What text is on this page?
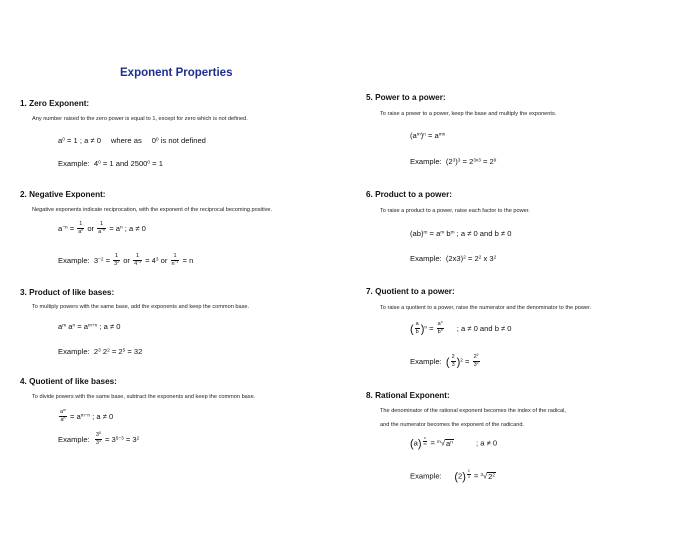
Exponent Properties
1. Zero Exponent:
Any number raised to the zero power is equal to 1, except for zero which is not defined.
$a^0 = 1$ ; a ≠ 0 where as $0^0$ is not defined
Example:  $4^0 = 1$ and $2500^0 = 1$
2. Negative Exponent:
Negative exponents indicate reciprocation, with the exponent of the reciprocal becoming positive.
$a^{-n} = \frac{1}{a^n}$ or $\frac{1}{a^{-n}} = a^n$ ; a ≠ 0
Example:  $3^{-2} = \frac{1}{3^2}$ or $\frac{1}{4^{-3}} = 4^3$ or $\frac{1}{n^{-1}} = n$
3. Product of like bases:
To multiply powers with the same base, add the exponents and keep the common base.
$a^m$ $a^n = a^{m+n}$ ; a ≠ 0
Example:  $2^3$ $2^2 = 2^5 = 32$
4. Quotient of like bases:
To divide powers with the same base, subtract the exponents and keep the common base.
$\frac{a^m}{a^n} = a^{m-n}$ ; a ≠ 0
Example: $\frac{3^5}{3^3} = 3^{5-3} = 3^2$
5. Power to a power:
To raise a power to a power, keep the base and multiply the exponents.
$(a^m)^n = a^{mn}$
Example:  $(2^3)^3 = 2^{3x3} = 2^9$
6. Product to a power:
To raise a product to a power, raise each factor to the power.
$(ab)^m = a^m$ $b^m$ ; a ≠ 0 and b ≠ 0
Example:  $(2x3)^2 = 2^2$ x $3^2$
7. Quotient to a power:
To raise a quotient to a power, raise the numerator and the denominator to the power.
( $\frac{a}{b} )^n = \frac{a^n}{b^n}$ ; a ≠ 0 and b ≠ 0
Example: ( $\frac{2}{3} )^2 = \frac{2^2}{3^2}$
8. Rational Exponent:
The denominator of the rational exponent becomes the index of the radical,
and the numerator becomes the exponent of the radicand.
(a) $^{\frac{n}{m}} = ^m√a^n$	; a ≠ 0
Example: (2) $^{\frac{2}{3}} = ^3√2^2$
